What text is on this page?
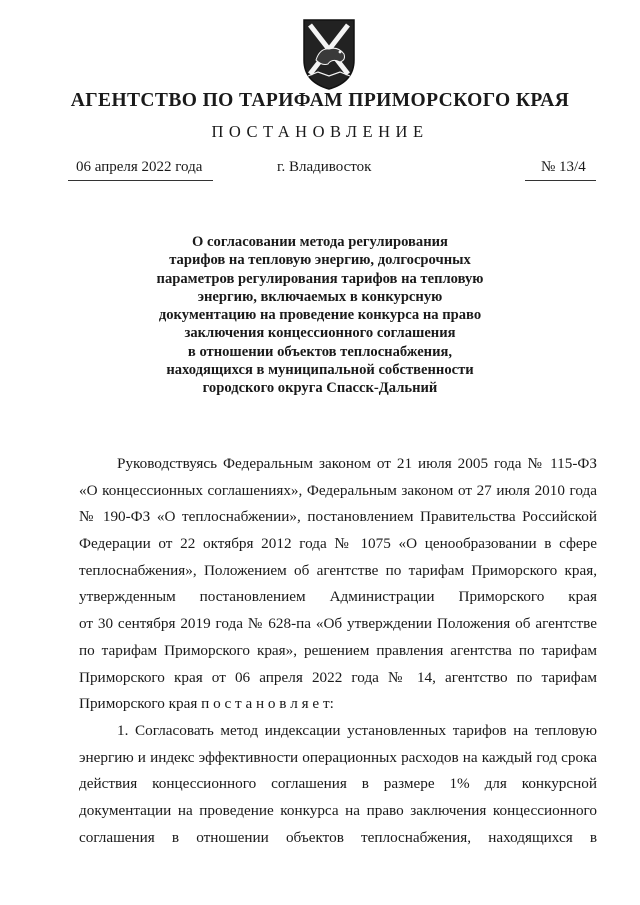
АГЕНТСТВО ПО ТАРИФАМ ПРИМОРСКОГО КРАЯ
ПОСТАНОВЛЕНИЕ
06 апреля 2022 года	г. Владивосток	№ 13/4
О согласовании метода регулирования
тарифов на тепловую энергию, долгосрочных
параметров регулирования тарифов на тепловую
энергию, включаемых в конкурсную
документацию на проведение конкурса на право
заключения концессионного соглашения
в отношении объектов теплоснабжения,
находящихся в муниципальной собственности
городского округа Спасск-Дальний
Руководствуясь Федеральным законом от 21 июля 2005 года № 115-ФЗ
«О концессионных соглашениях», Федеральным законом от 27 июля 2010 года
№ 190-ФЗ «О теплоснабжении», постановлением Правительства Российской
Федерации от 22 октября 2012 года № 1075 «О ценообразовании в сфере
теплоснабжения», Положением об агентстве по тарифам Приморского края,
утвержденным постановлением Администрации Приморского края
от 30 сентября 2019 года № 628-па «Об утверждении Положения об агентстве
по тарифам Приморского края», решением правления агентства по тарифам
Приморского края от 06 апреля 2022 года № 14, агентство по тарифам
Приморского края п о с т а н о в л я е т:
1. Согласовать метод индексации установленных тарифов на тепловую
энергию и индекс эффективности операционных расходов на каждый год срока
действия концессионного соглашения в размере 1% для конкурсной
документации на проведение конкурса на право заключения концессионного
соглашения в отношении объектов теплоснабжения, находящихся в
